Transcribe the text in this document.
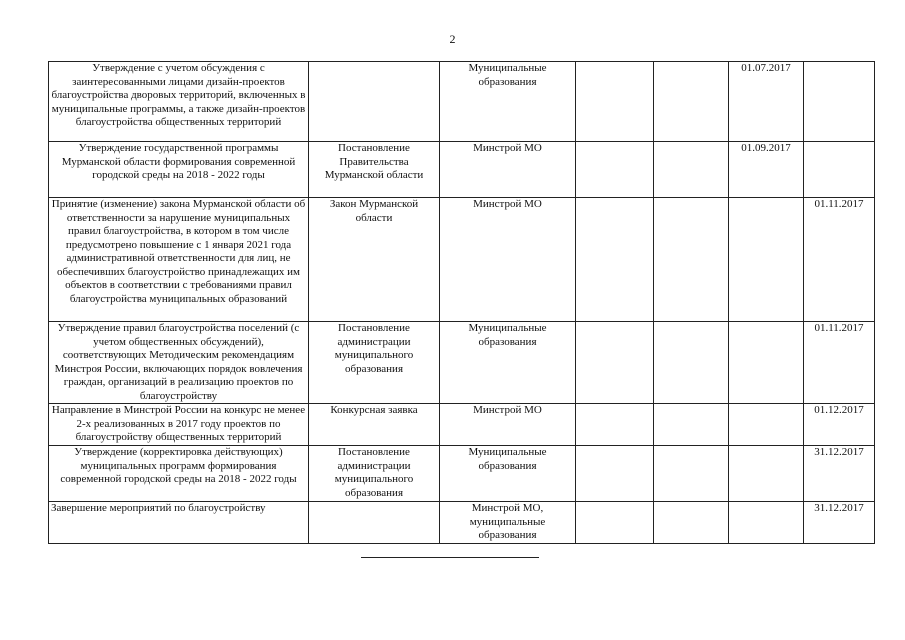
2
Утверждение с учетом обсуждения с заинтересованными лицами дизайн-проектов благоустройства дворовых территорий, включенных в муниципальные программы, а также дизайн-проектов благоустройства общественных территорий		Муниципальные образования			01.07.2017	
Утверждение государственной программы Мурманской области формирования современной городской среды на 2018 - 2022 годы	Постановление Правительства Мурманской области	Минстрой МО			01.09.2017	
Принятие (изменение) закона Мурманской области об ответственности за нарушение муниципальных правил благоустройства, в котором в том числе предусмотрено повышение с 1 января 2021 года административной ответственности для лиц, не обеспечивших благоустройство принадлежащих им объектов в соответствии с требованиями правил благоустройства муниципальных образований	Закон Мурманской области	Минстрой МО				01.11.2017
Утверждение правил благоустройства поселений (с учетом общественных обсуждений), соответствующих Методическим рекомендациям Минстроя России, включающих порядок вовлечения граждан, организаций в реализацию проектов по благоустройству	Постановление администрации муниципального образования	Муниципальные образования				01.11.2017
Направление в Минстрой России на конкурс не менее 2-х реализованных в 2017 году проектов по благоустройству общественных территорий	Конкурсная заявка	Минстрой МО				01.12.2017
Утверждение (корректировка действующих) муниципальных программ формирования современной городской среды на 2018 - 2022 годы	Постановление администрации муниципального образования	Муниципальные образования				31.12.2017
Завершение мероприятий по благоустройству		Минстрой МО, муниципальные образования				31.12.2017
